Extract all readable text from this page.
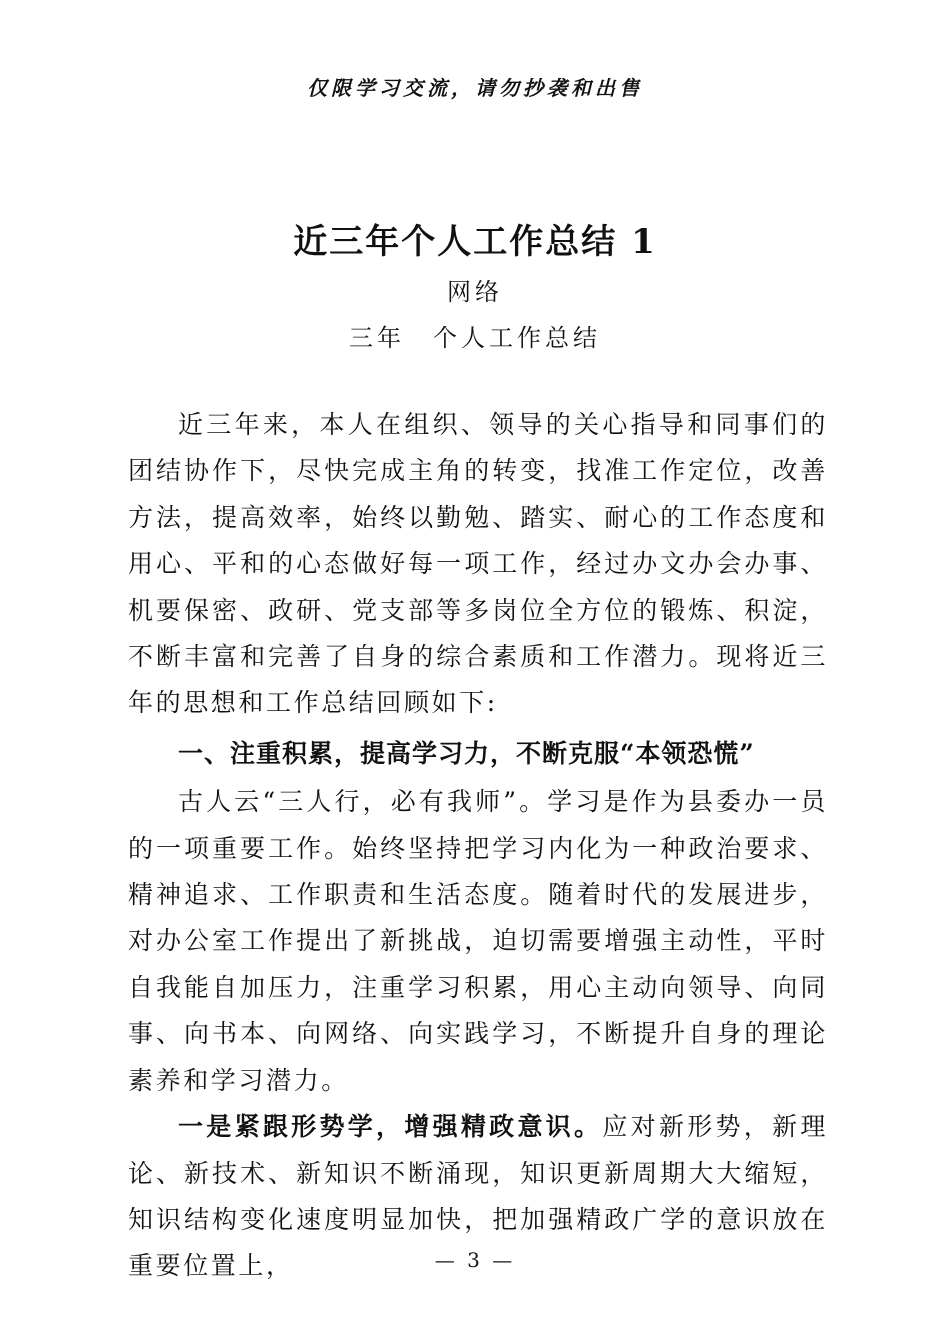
仅限学习交流，请勿抄袭和出售
近三年个人工作总结 1
网络
三年 个人工作总结

近三年来，本人在组织、领导的关心指导和同事们的团结协作下，尽快完成主角的转变，找准工作定位，改善方法，提高效率，始终以勤勉、踏实、耐心的工作态度和用心、平和的心态做好每一项工作，经过办文办会办事、机要保密、政研、党支部等多岗位全方位的锻炼、积淀，不断丰富和完善了自身的综合素质和工作潜力。现将近三年的思想和工作总结回顾如下:

一、注重积累，提高学习力，不断克服“本领恐慌”

古人云“三人行，必有我师”。学习是作为县委办一员的一项重要工作。始终坚持把学习内化为一种政治要求、精神追求、工作职责和生活态度。随着时代的发展进步，对办公室工作提出了新挑战，迫切需要增强主动性，平时自我能自加压力，注重学习积累，用心主动向领导、向同事、向书本、向网络、向实践学习，不断提升自身的理论素养和学习潜力。

一是紧跟形势学，增强精政意识。应对新形势，新理论、新技术、新知识不断涌现，知识更新周期大大缩短，知识结构变化速度明显加快，把加强精政广学的意识放在重要位置上，	— 3 —
